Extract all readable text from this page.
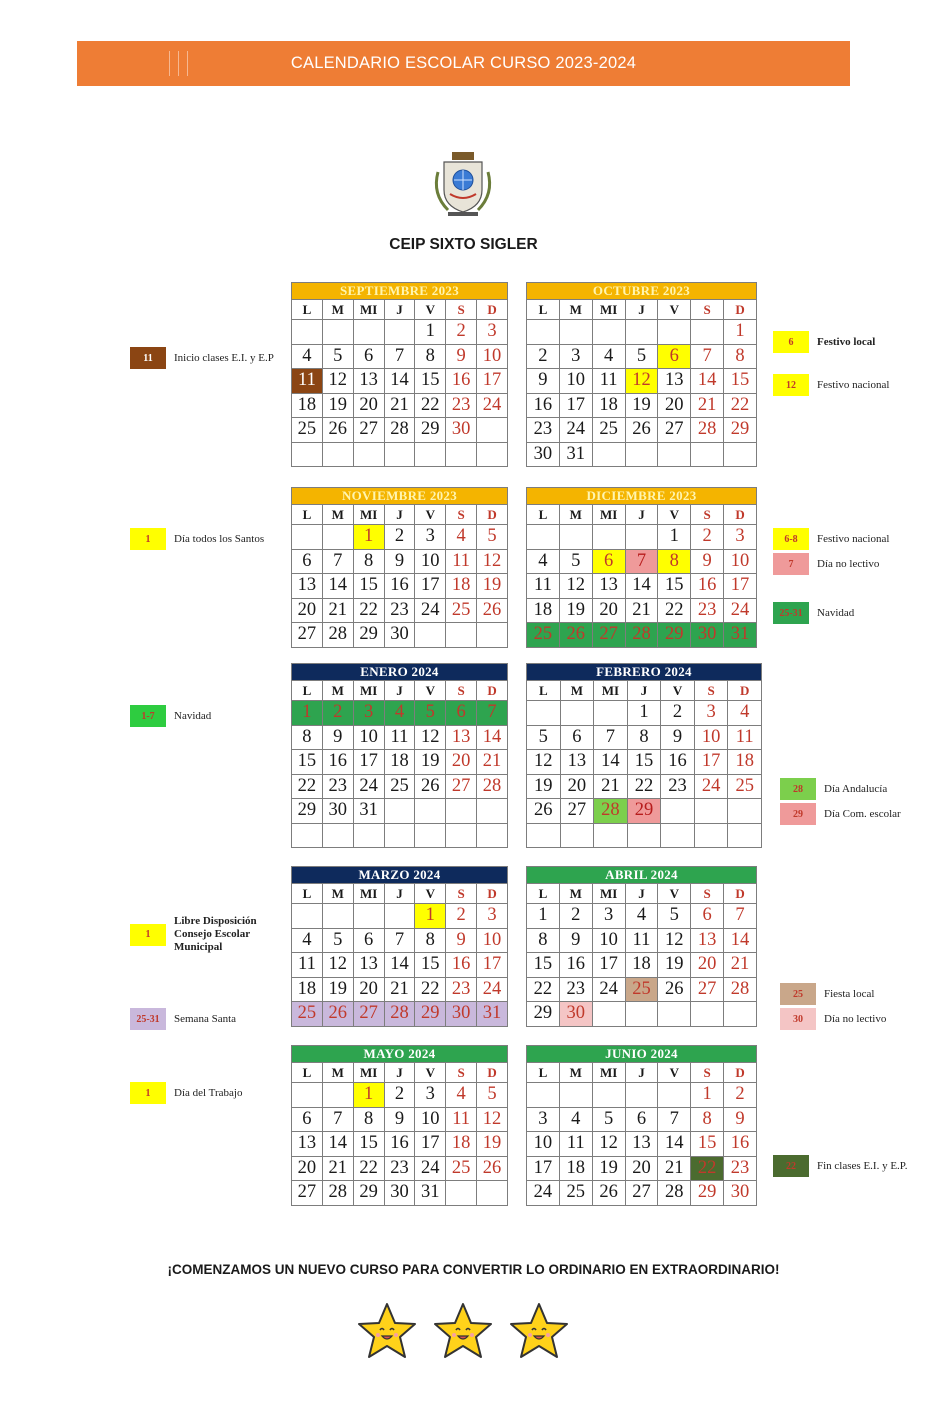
CALENDARIO ESCOLAR CURSO 2023-2024
CEIP SIXTO SIGLER
SEPTIEMBRE 2023						
L	M	MI	J	V	S	D
				1	2	3
4	5	6	7	8	9	10
11	12	13	14	15	16	17
18	19	20	21	22	23	24
25	26	27	28	29	30	

OCTUBRE 2023						
L	M	MI	J	V	S	D
						1
2	3	4	5	6	7	8
9	10	11	12	13	14	15
16	17	18	19	20	21	22
23	24	25	26	27	28	29
30	31					
NOVIEMBRE 2023						
L	M	MI	J	V	S	D
		1	2	3	4	5
6	7	8	9	10	11	12
13	14	15	16	17	18	19
20	21	22	23	24	25	26
27	28	29	30			
DICIEMBRE 2023						
L	M	MI	J	V	S	D
				1	2	3
4	5	6	7	8	9	10
11	12	13	14	15	16	17
18	19	20	21	22	23	24
25	26	27	28	29	30	31
ENERO 2024						
L	M	MI	J	V	S	D
1	2	3	4	5	6	7
8	9	10	11	12	13	14
15	16	17	18	19	20	21
22	23	24	25	26	27	28
29	30	31				

FEBRERO 2024						
L	M	MI	J	V	S	D
			1	2	3	4
5	6	7	8	9	10	11
12	13	14	15	16	17	18
19	20	21	22	23	24	25
26	27	28	29			

MARZO 2024						
L	M	MI	J	V	S	D
				1	2	3
4	5	6	7	8	9	10
11	12	13	14	15	16	17
18	19	20	21	22	23	24
25	26	27	28	29	30	31
ABRIL 2024						
L	M	MI	J	V	S	D
1	2	3	4	5	6	7
8	9	10	11	12	13	14
15	16	17	18	19	20	21
22	23	24	25	26	27	28
29	30					
MAYO 2024						
L	M	MI	J	V	S	D
		1	2	3	4	5
6	7	8	9	10	11	12
13	14	15	16	17	18	19
20	21	22	23	24	25	26
27	28	29	30	31		
JUNIO 2024						
L	M	MI	J	V	S	D
					1	2
3	4	5	6	7	8	9
10	11	12	13	14	15	16
17	18	19	20	21	22	23
24	25	26	27	28	29	30
11	Inicio clases E.I. y E.P
6	Festivo local
12	Festivo nacional
1	Día todos los Santos	6-8	Festivo nacional
7	Día no lectivo
25-31	Navidad
1-7	Navidad
28	Día Andalucía
29	Día Com. escolar
1
Libre Disposición Consejo Escolar Municipal
25-31	Semana Santa
25	Fiesta local
30	Día no lectivo
1	Día del Trabajo
22	Fin clases E.I. y E.P.
¡COMENZAMOS UN NUEVO CURSO PARA CONVERTIR LO ORDINARIO EN EXTRAORDINARIO!
